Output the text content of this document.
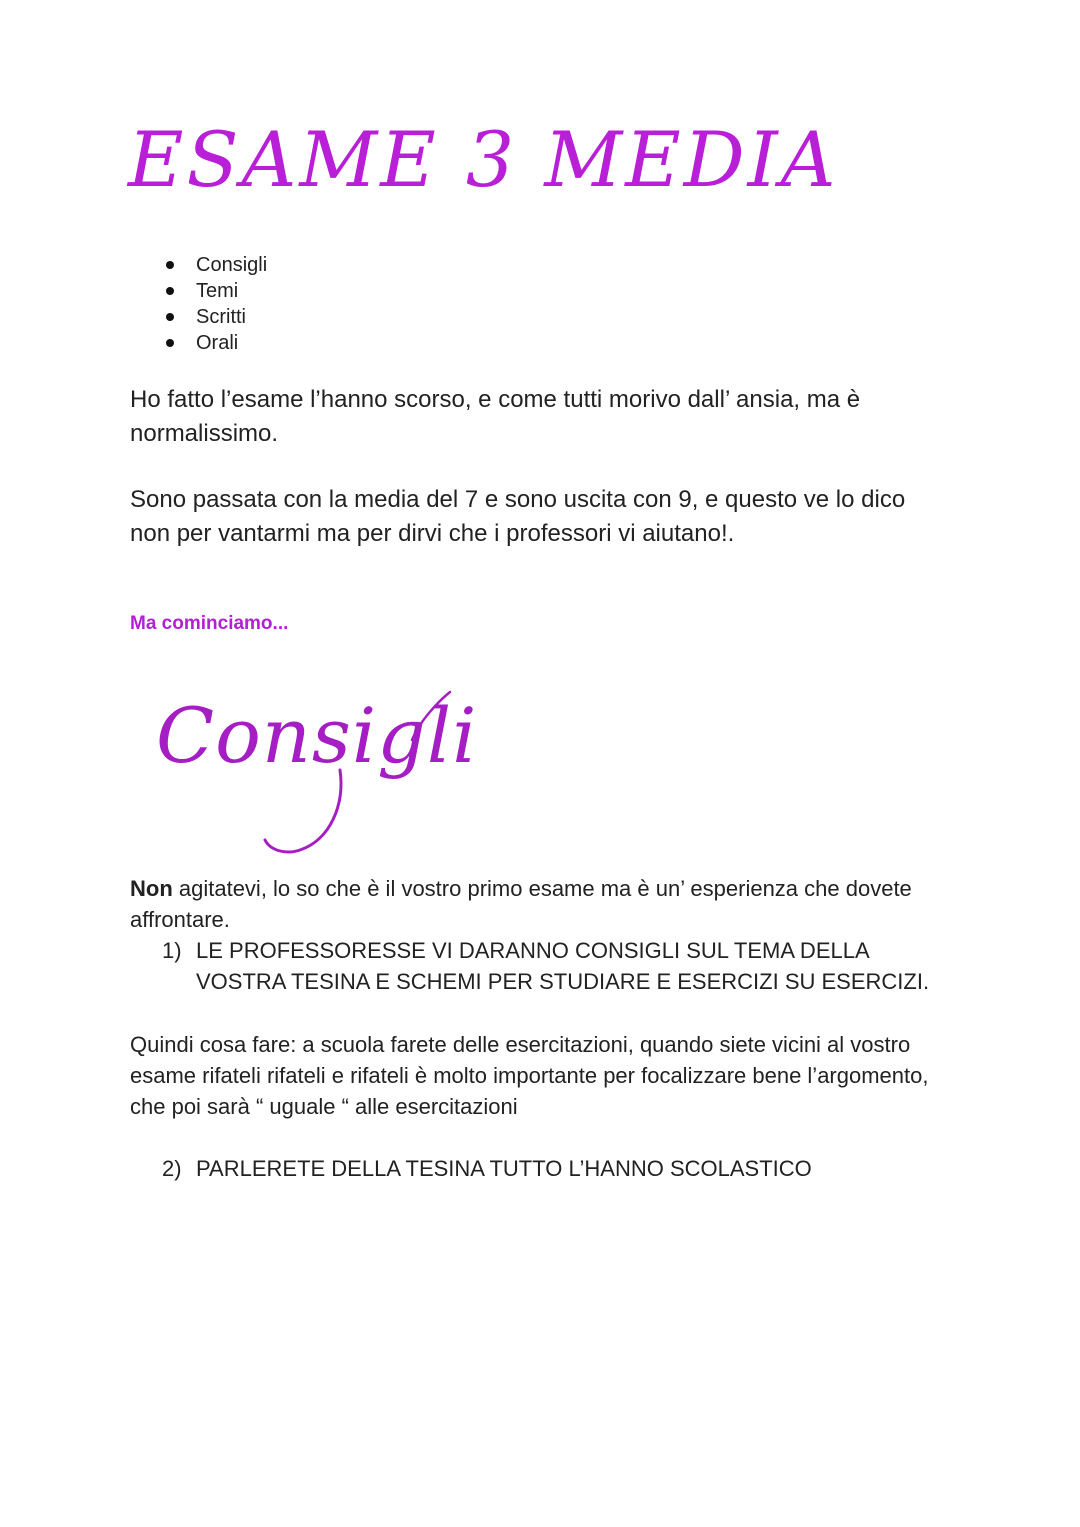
ESAME 3 MEDIA
Consigli
Temi
Scritti
Orali

Ho fatto l’esame l’hanno scorso, e come tutti morivo dall’ ansia, ma è normalissimo.

Sono passata con la media del 7 e sono uscita con 9, e questo ve lo dico non per vantarmi ma per dirvi che i professori vi aiutano!.

Ma cominciamo...

Consigli

Non agitatevi, lo so che è il vostro primo esame ma è un’ esperienza che dovete affrontare.

1) LE PROFESSORESSE VI DARANNO CONSIGLI SUL TEMA DELLA VOSTRA TESINA E SCHEMI PER STUDIARE E ESERCIZI SU ESERCIZI.

Quindi cosa fare: a scuola farete delle esercitazioni, quando siete vicini al vostro esame rifateli rifateli e rifateli è molto importante per focalizzare bene l’argomento, che poi sarà “ uguale “ alle esercitazioni

2) PARLERETE DELLA TESINA TUTTO L’HANNO SCOLASTICO
